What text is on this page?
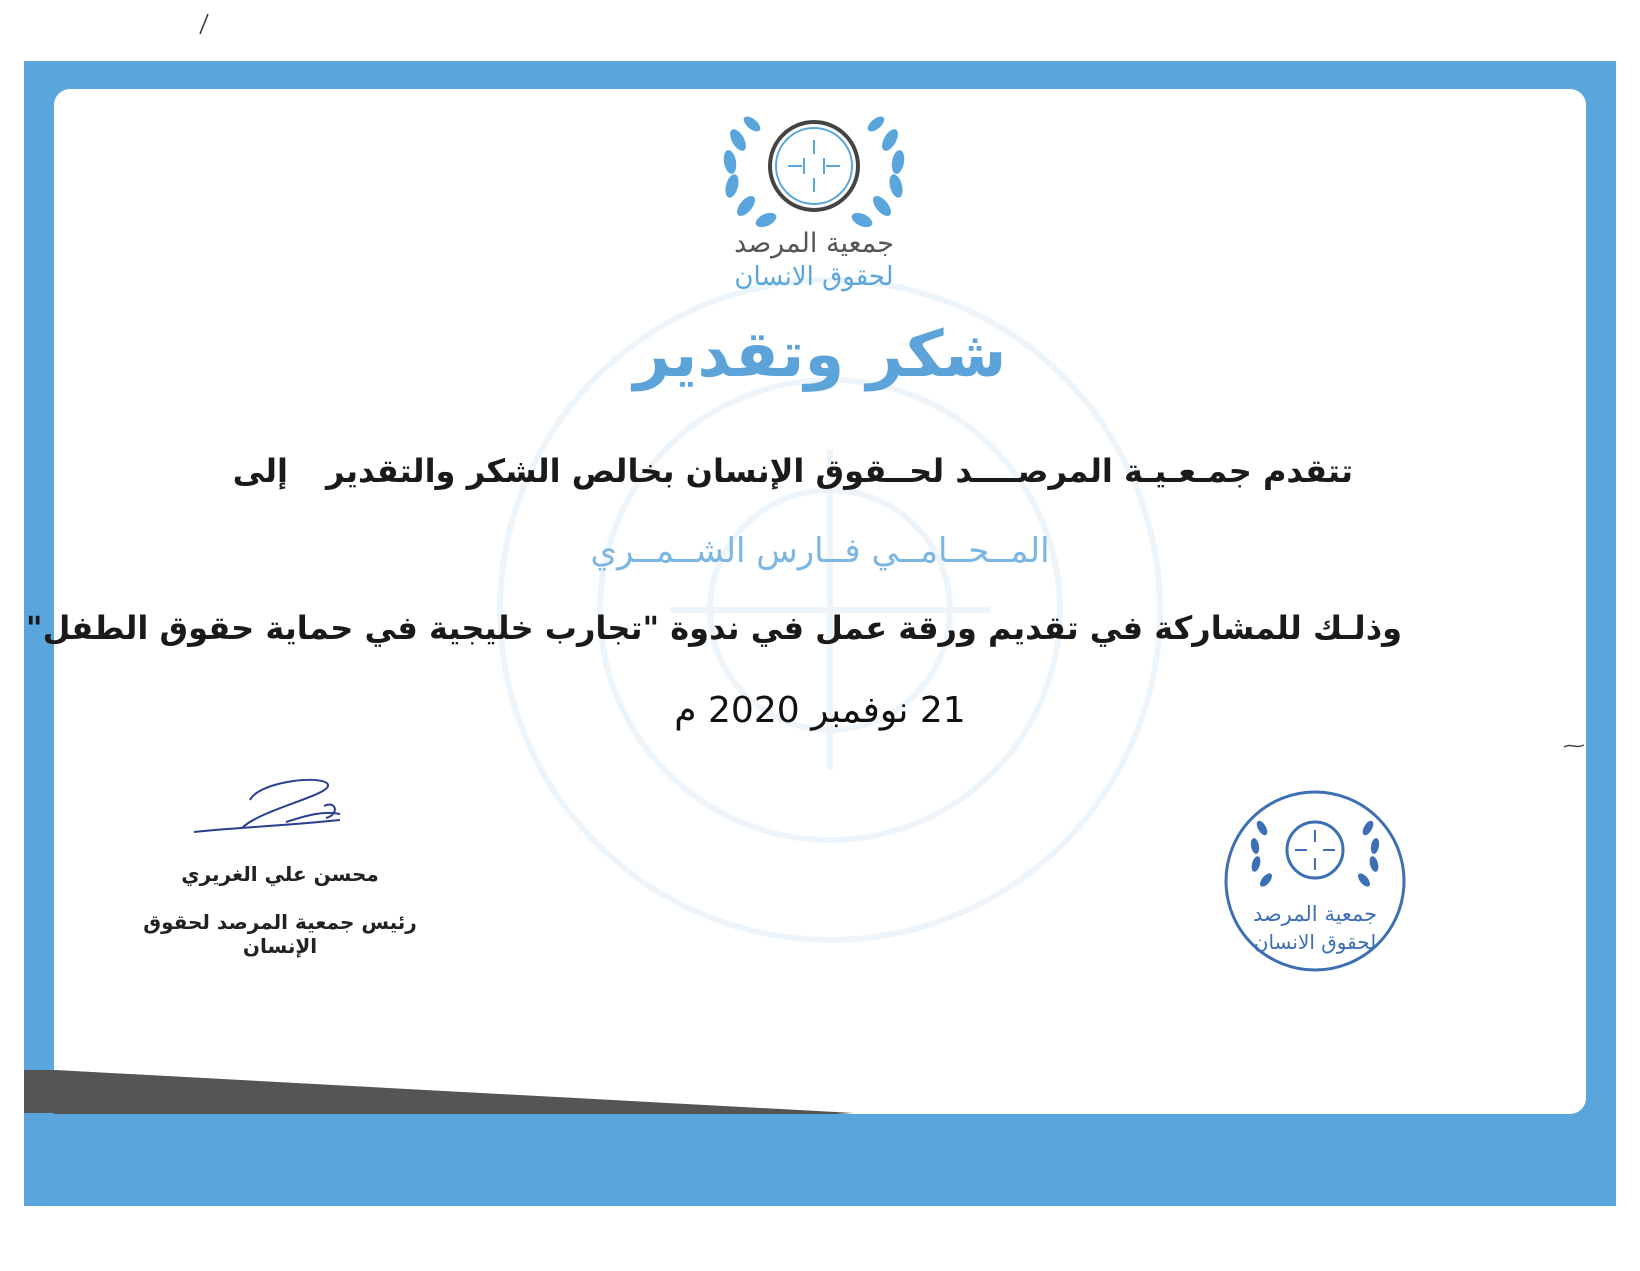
جمعية المرصد
لحقوق الانسان
شكر وتقدير
تتقدم جمـعـيـة المرصــــد لحــقوق الإنسان بخالص الشكر والتقدير
إلى
المــحــامــي فــارس الشــمــري
وذلـك للمشاركة في تقديم ورقة عمل في ندوة "تجارب خليجية في حماية حقوق الطفل"
21 نوفمبر 2020 م
محسن علي الغريري
رئيس جمعية المرصد لحقوق الإنسان
جمعية المرصد
لحقوق الانسان
